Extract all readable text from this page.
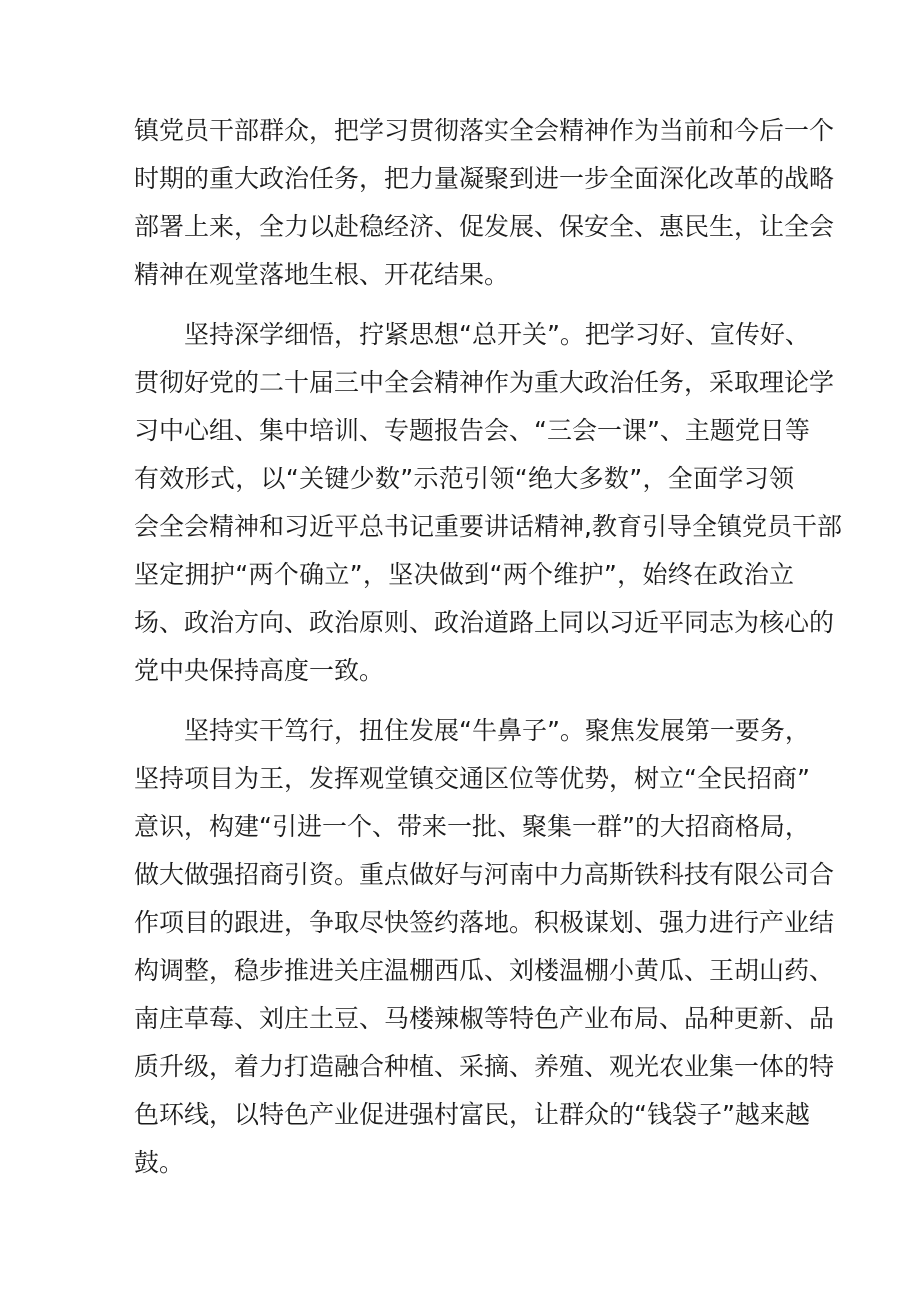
镇党员干部群众，把学习贯彻落实全会精神作为当前和今后一个
时期的重大政治任务，把力量凝聚到进一步全面深化改革的战略
部署上来，全力以赴稳经济、促发展、保安全、惠民生，让全会
精神在观堂落地生根、开花结果。
坚持深学细悟，拧紧思想“总开关”。把学习好、宣传好、
贯彻好党的二十届三中全会精神作为重大政治任务，采取理论学
习中心组、集中培训、专题报告会、“三会一课”、主题党日等
有效形式，以“关键少数”示范引领“绝大多数”，全面学习领
会全会精神和习近平总书记重要讲话精神,教育引导全镇党员干部
坚定拥护“两个确立”，坚决做到“两个维护”，始终在政治立
场、政治方向、政治原则、政治道路上同以习近平同志为核心的
党中央保持高度一致。
坚持实干笃行，扭住发展“牛鼻子”。聚焦发展第一要务，
坚持项目为王，发挥观堂镇交通区位等优势，树立“全民招商”
意识，构建“引进一个、带来一批、聚集一群”的大招商格局，
做大做强招商引资。重点做好与河南中力高斯铁科技有限公司合
作项目的跟进，争取尽快签约落地。积极谋划、强力进行产业结
构调整，稳步推进关庄温棚西瓜、刘楼温棚小黄瓜、王胡山药、
南庄草莓、刘庄土豆、马楼辣椒等特色产业布局、品种更新、品
质升级，着力打造融合种植、采摘、养殖、观光农业集一体的特
色环线，以特色产业促进强村富民，让群众的“钱袋子”越来越
鼓。
